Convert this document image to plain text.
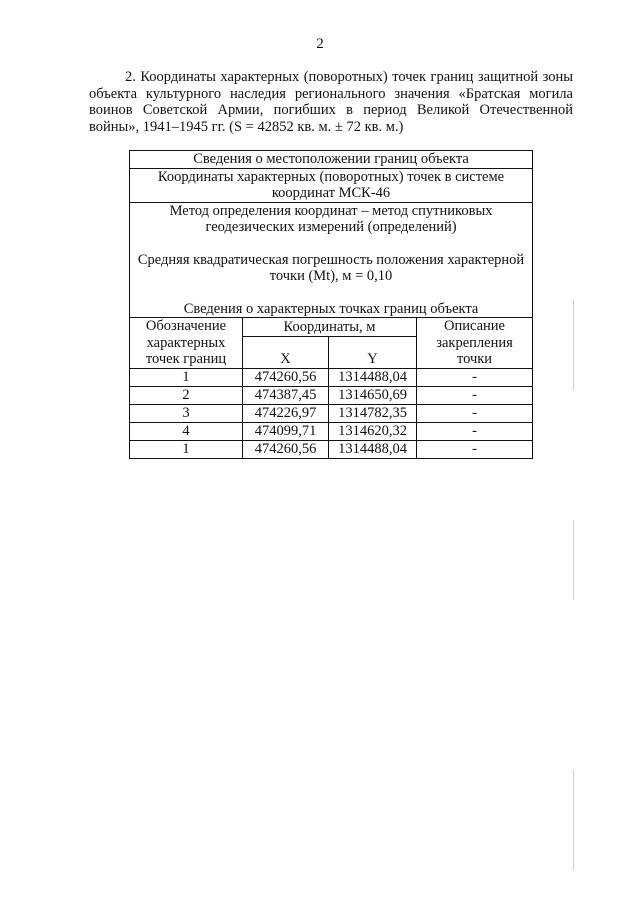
2

2. Координаты характерных (поворотных) точек границ защитной зоны объекта культурного наследия регионального значения «Братская могила воинов Советской Армии, погибших в период Великой Отечественной войны», 1941–1945 гг. (S = 42852 кв. м. ± 72 кв. м.)

Сведения о местоположении границ объекта			
Координаты характерных (поворотных) точек в системе координат МСК-46			

Метод определения координат – метод спутниковых геодезических измерений (определений)

Средняя квадратическая погрешность положения характерной точки (Mt), м = 0,10

Сведения о характерных точках границ объекта			

Обозначение характерных точек границ	Координаты, м		Описание закрепления точки
	X	Y	
1	474260,56	1314488,04	-
2	474387,45	1314650,69	-
3	474226,97	1314782,35	-
4	474099,71	1314620,32	-
1	474260,56	1314488,04	-
